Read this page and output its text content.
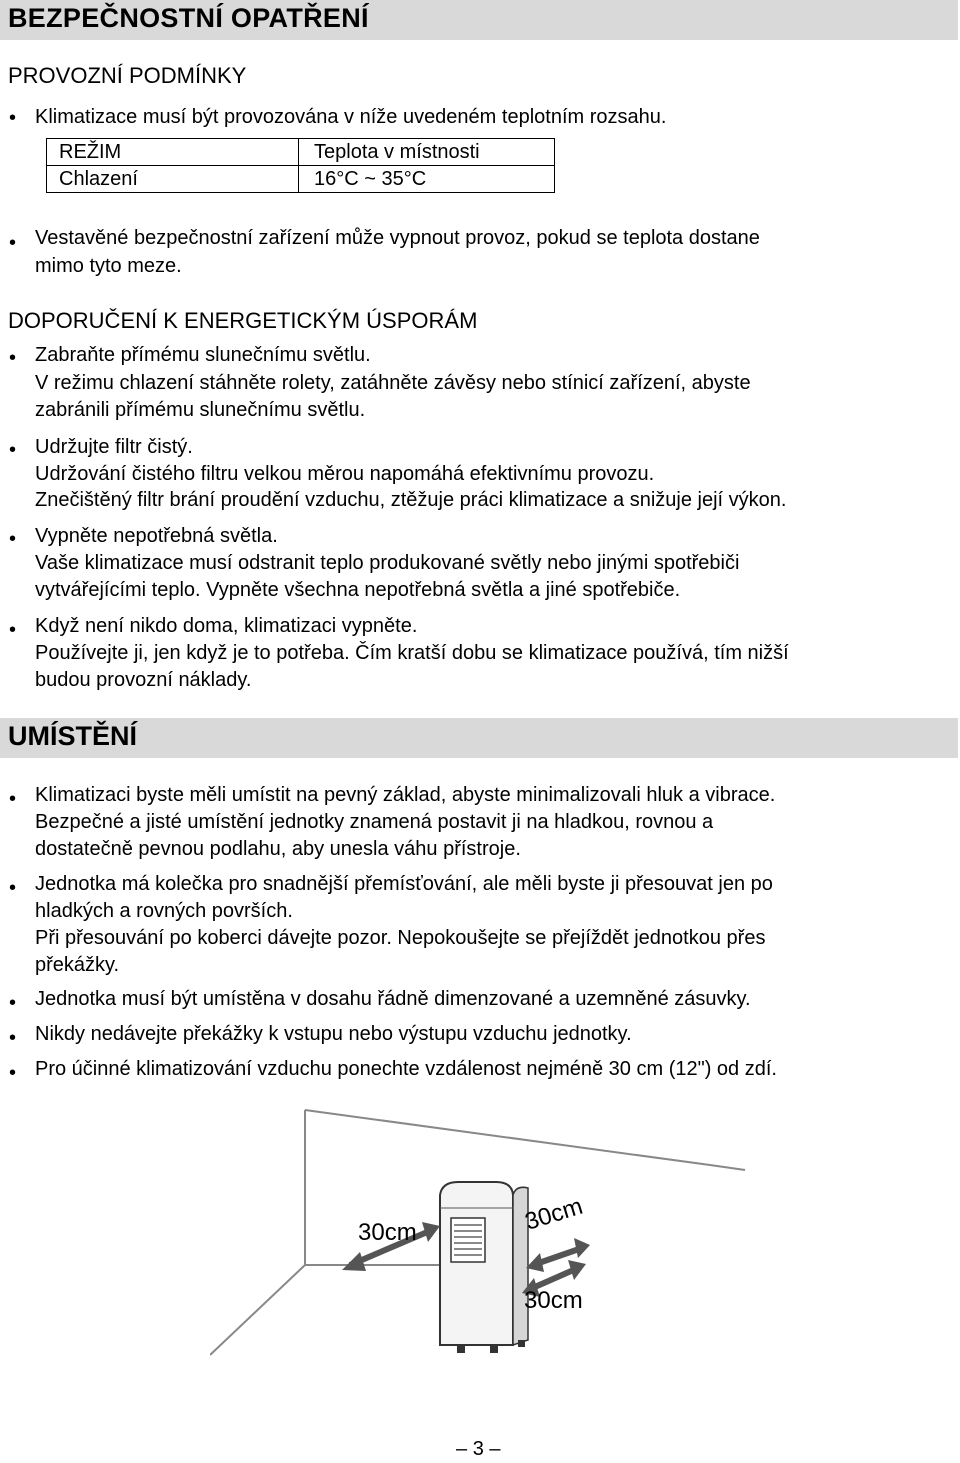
BEZPEČNOSTNÍ OPATŘENÍ
PROVOZNÍ PODMÍNKY
• Klimatizace musí být provozována v níže uvedeném teplotním rozsahu.
REŽIM	Teplota v místnosti
Chlazení	16°C ~ 35°C
• Vestavěné bezpečnostní zařízení může vypnout provoz, pokud se teplota dostane
mimo tyto meze.
DOPORUČENÍ K ENERGETICKÝM ÚSPORÁM
• Zabraňte přímému slunečnímu světlu.
V režimu chlazení stáhněte rolety, zatáhněte závěsy nebo stínicí zařízení, abyste
zabránili přímému slunečnímu světlu.
• Udržujte filtr čistý.
Udržování čistého filtru velkou měrou napomáhá efektivnímu provozu.
Znečištěný filtr brání proudění vzduchu, ztěžuje práci klimatizace a snižuje její výkon.
• Vypněte nepotřebná světla.
Vaše klimatizace musí odstranit teplo produkované světly nebo jinými spotřebiči
vytvářejícími teplo. Vypněte všechna nepotřebná světla a jiné spotřebiče.
• Když není nikdo doma, klimatizaci vypněte.
Používejte ji, jen když je to potřeba. Čím kratší dobu se klimatizace používá, tím nižší
budou provozní náklady.
UMÍSTĚNÍ
• Klimatizaci byste měli umístit na pevný základ, abyste minimalizovali hluk a vibrace.
Bezpečné a jisté umístění jednotky znamená postavit ji na hladkou, rovnou a
dostatečně pevnou podlahu, aby unesla váhu přístroje.
• Jednotka má kolečka pro snadnější přemísťování, ale měli byste ji přesouvat jen po
hladkých a rovných površích.
Při přesouvání po koberci dávejte pozor. Nepokoušejte se přejíždět jednotkou přes
překážky.
• Jednotka musí být umístěna v dosahu řádně dimenzované a uzemněné zásuvky.
• Nikdy nedávejte překážky k vstupu nebo výstupu vzduchu jednotky.
• Pro účinné klimatizování vzduchu ponechte vzdálenost nejméně 30 cm (12") od zdí.
30cm	30cm
30cm
– 3 –
